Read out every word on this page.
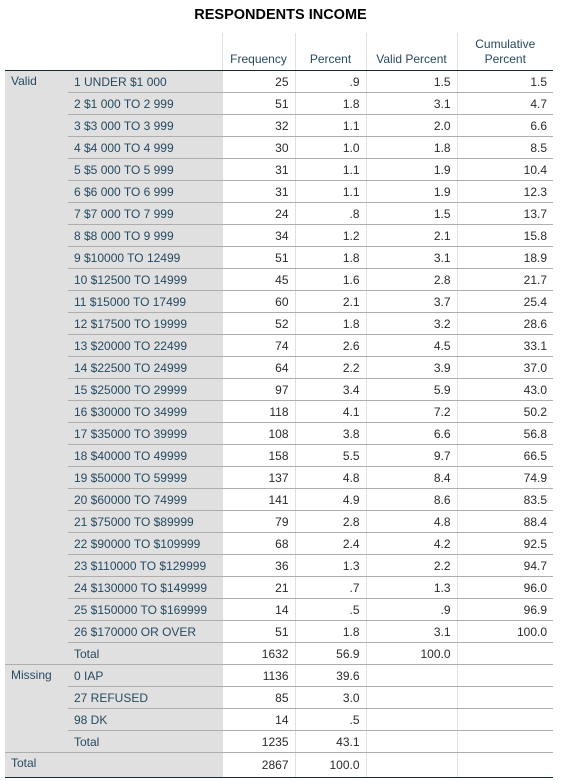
RESPONDENTS INCOME
		Frequency	Percent	Valid Percent	Cumulative
Percent
Valid	1 UNDER $1 000	25	.9	1.5	1.5
	2 $1 000 TO 2 999	51	1.8	3.1	4.7
	3 $3 000 TO 3 999	32	1.1	2.0	6.6
	4 $4 000 TO 4 999	30	1.0	1.8	8.5
	5 $5 000 TO 5 999	31	1.1	1.9	10.4
	6 $6 000 TO 6 999	31	1.1	1.9	12.3
	7 $7 000 TO 7 999	24	.8	1.5	13.7
	8 $8 000 TO 9 999	34	1.2	2.1	15.8
	9 $10000 TO 12499	51	1.8	3.1	18.9
	10 $12500 TO 14999	45	1.6	2.8	21.7
	11 $15000 TO 17499	60	2.1	3.7	25.4
	12 $17500 TO 19999	52	1.8	3.2	28.6
	13 $20000 TO 22499	74	2.6	4.5	33.1
	14 $22500 TO 24999	64	2.2	3.9	37.0
	15 $25000 TO 29999	97	3.4	5.9	43.0
	16 $30000 TO 34999	118	4.1	7.2	50.2
	17 $35000 TO 39999	108	3.8	6.6	56.8
	18 $40000 TO 49999	158	5.5	9.7	66.5
	19 $50000 TO 59999	137	4.8	8.4	74.9
	20 $60000 TO 74999	141	4.9	8.6	83.5
	21 $75000 TO $89999	79	2.8	4.8	88.4
	22 $90000 TO $109999	68	2.4	4.2	92.5
	23 $110000 TO $129999	36	1.3	2.2	94.7
	24 $130000 TO $149999	21	.7	1.3	96.0
	25 $150000 TO $169999	14	.5	.9	96.9
	26 $170000 OR OVER	51	1.8	3.1	100.0
	Total	1632	56.9	100.0	
Missing	0 IAP	1136	39.6		
	27 REFUSED	85	3.0		
	98 DK	14	.5		
	Total	1235	43.1		
Total		2867	100.0		
